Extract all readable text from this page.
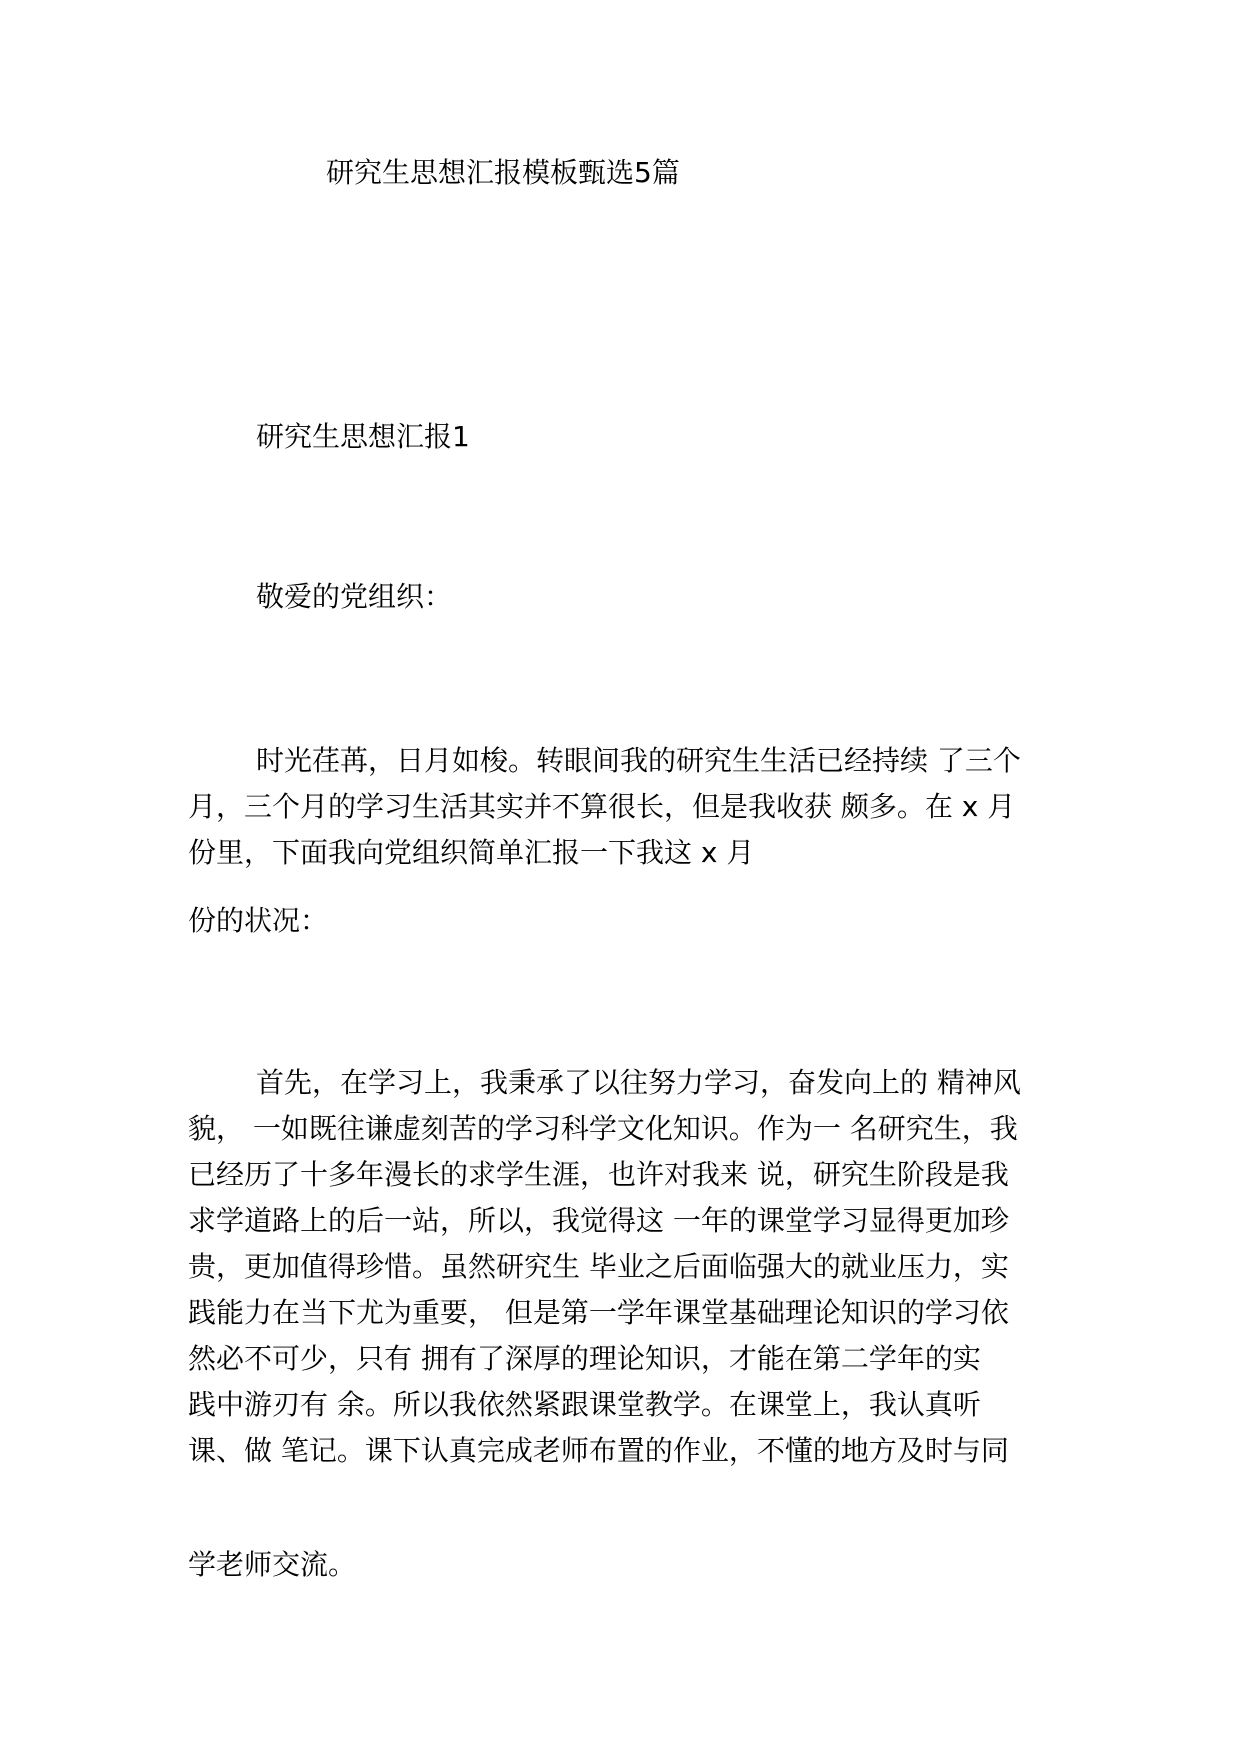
研究生思想汇报模板甄选5篇
研究生思想汇报1
敬爱的党组织：
时光荏苒，日月如梭。转眼间我的研究生生活已经持续 了三个
月，三个月的学习生活其实并不算很长，但是我收获 颇多。在 x 月
份里，下面我向党组织简单汇报一下我这 x 月
份的状况：
首先，在学习上，我秉承了以往努力学习，奋发向上的 精神风
貌， 一如既往谦虚刻苦的学习科学文化知识。作为一 名研究生，我
已经历了十多年漫长的求学生涯，也许对我来 说，研究生阶段是我
求学道路上的后一站，所以，我觉得这 一年的课堂学习显得更加珍
贵，更加值得珍惜。虽然研究生 毕业之后面临强大的就业压力，实
践能力在当下尤为重要， 但是第一学年课堂基础理论知识的学习依
然必不可少，只有 拥有了深厚的理论知识，才能在第二学年的实
践中游刃有 余。所以我依然紧跟课堂教学。在课堂上，我认真听
课、做 笔记。课下认真完成老师布置的作业，不懂的地方及时与同
学老师交流。
